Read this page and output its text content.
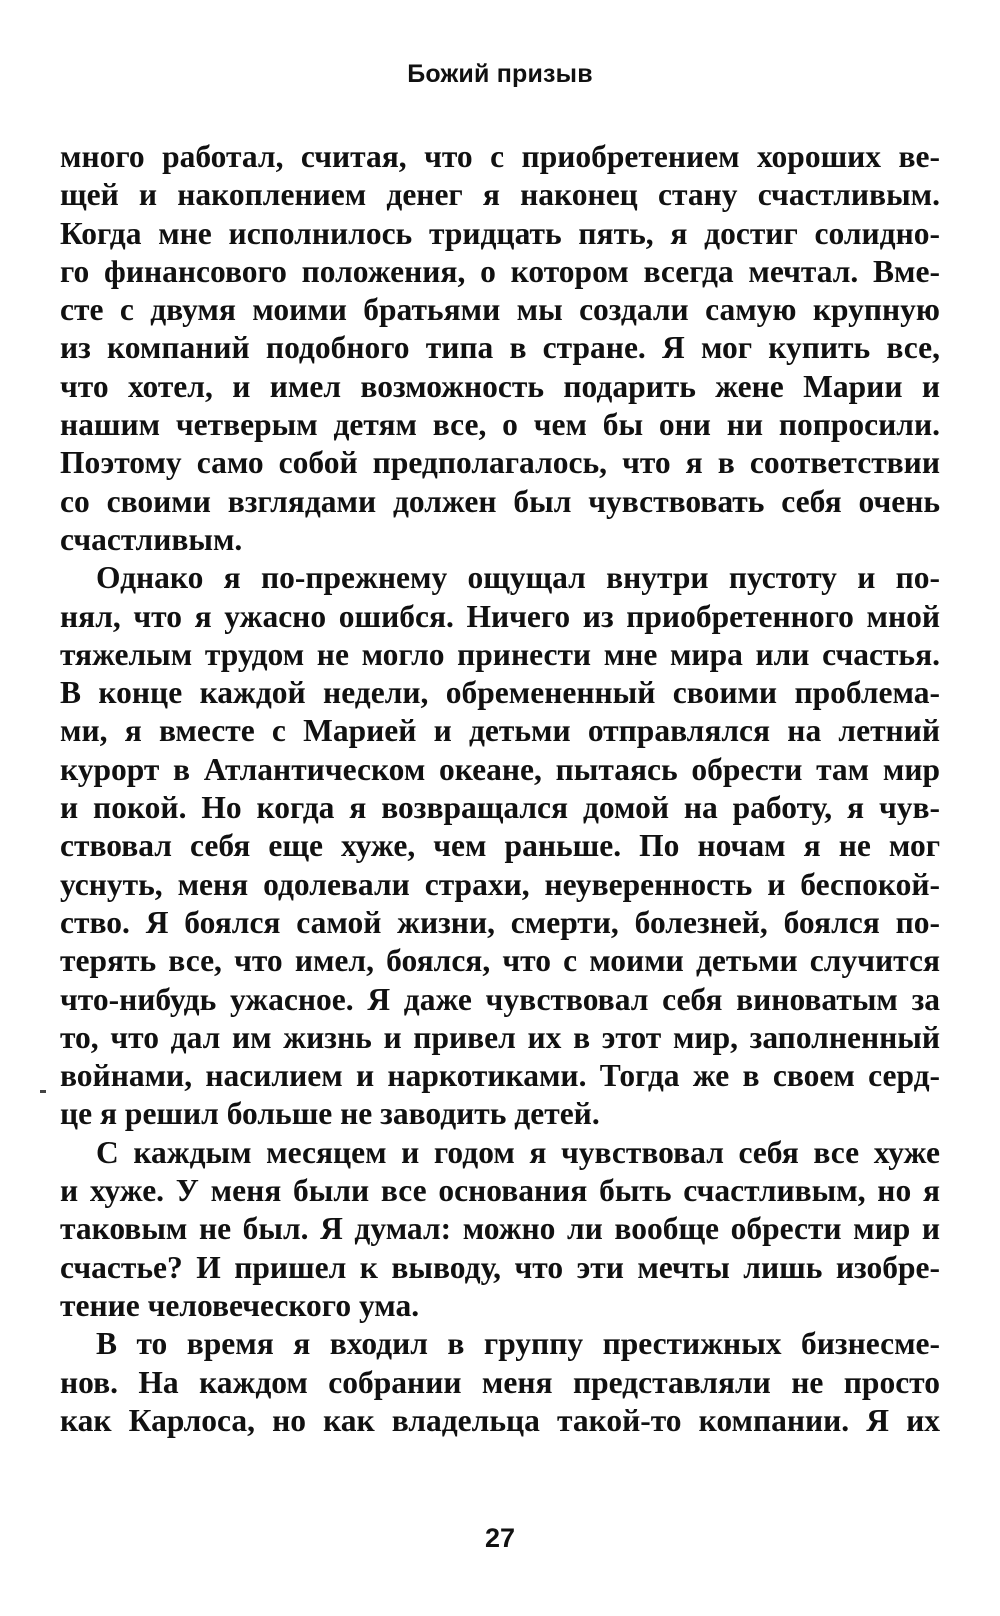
Божий призыв
много работал, считая, что с приобретением хороших ве-
щей и накоплением денег я наконец стану счастливым.
Когда мне исполнилось тридцать пять, я достиг солидно-
го финансового положения, о котором всегда мечтал. Вме-
сте с двумя моими братьями мы создали самую крупную
из компаний подобного типа в стране. Я мог купить все,
что хотел, и имел возможность подарить жене Марии и
нашим четверым детям все, о чем бы они ни попросили.
Поэтому само собой предполагалось, что я в соответствии
со своими взглядами должен был чувствовать себя очень
счастливым.
Однако я по-прежнему ощущал внутри пустоту и по-
нял, что я ужасно ошибся. Ничего из приобретенного мной
тяжелым трудом не могло принести мне мира или счастья.
В конце каждой недели, обремененный своими проблема-
ми, я вместе с Марией и детьми отправлялся на летний
курорт в Атлантическом океане, пытаясь обрести там мир
и покой. Но когда я возвращался домой на работу, я чув-
ствовал себя еще хуже, чем раньше. По ночам я не мог
уснуть, меня одолевали страхи, неуверенность и беспокой-
ство. Я боялся самой жизни, смерти, болезней, боялся по-
терять все, что имел, боялся, что с моими детьми случится
что-нибудь ужасное. Я даже чувствовал себя виноватым за
то, что дал им жизнь и привел их в этот мир, заполненный
войнами, насилием и наркотиками. Тогда же в своем серд-
це я решил больше не заводить детей.
С каждым месяцем и годом я чувствовал себя все хуже
и хуже. У меня были все основания быть счастливым, но я
таковым не был. Я думал: можно ли вообще обрести мир и
счастье? И пришел к выводу, что эти мечты лишь изобре-
тение человеческого ума.
В то время я входил в группу престижных бизнесме-
нов. На каждом собрании меня представляли не просто
как Карлоса, но как владельца такой-то компании. Я их
27
